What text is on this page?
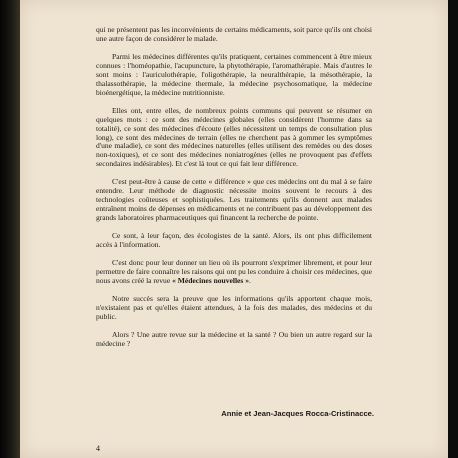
qui ne présentent pas les inconvénients de certains médicaments, soit parce qu'ils ont choisi une autre façon de considérer le malade.

Parmi les médecines différentes qu'ils pratiquent, certaines commencent à être mieux connues : l'homéopathie, l'acupuncture, la phytothérapie, l'aromathérapie. Mais d'autres le sont moins : l'auriculothérapie, l'oligothérapie, la neuralthérapie, la mésothérapie, la thalassothérapie, la médecine thermale, la médecine psychosomatique, la médecine bioénergétique, la médecine nutritionniste.

Elles ont, entre elles, de nombreux points communs qui peuvent se résumer en quelques mots : ce sont des médecines globales (elles considèrent l'homme dans sa totalité), ce sont des médecines d'écoute (elles nécessitent un temps de consultation plus long), ce sont des médecines de terrain (elles ne cherchent pas à gommer les symptômes d'une maladie), ce sont des médecines naturelles (elles utilisent des remèdes ou des doses non-toxiques), et ce sont des médecines noniatrogènes (elles ne provoquent pas d'effets secondaires indésirables). Et c'est là tout ce qui fait leur différence.

C'est peut-être à cause de cette « différence » que ces médecins ont du mal à se faire entendre. Leur méthode de diagnostic nécessite moins souvent le recours à des technologies coûteuses et sophistiquées. Les traitements qu'ils donnent aux malades entraînent moins de dépenses en médicaments et ne contribuent pas au développement des grands laboratoires pharmaceutiques qui financent la recherche de pointe.

Ce sont, à leur façon, des écologistes de la santé. Alors, ils ont plus difficilement accès à l'information.

C'est donc pour leur donner un lieu où ils pourront s'exprimer librement, et pour leur permettre de faire connaître les raisons qui ont pu les conduire à choisir ces médecines, que nous avons créé la revue « Médecines nouvelles ».

Notre succès sera la preuve que les informations qu'ils apportent chaque mois, n'existaient pas et qu'elles étaient attendues, à la fois des malades, des médecins et du public.

Alors ? Une autre revue sur la médecine et la santé ? Ou bien un autre regard sur la médecine ?

Annie et Jean-Jacques Rocca-Cristinacce.
4
